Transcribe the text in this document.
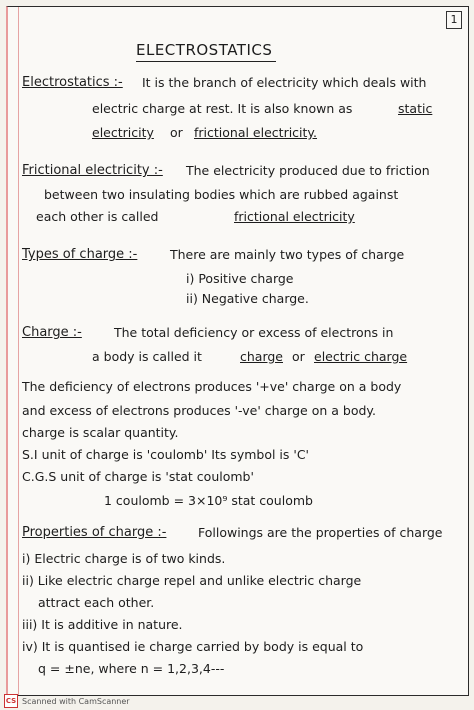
1
ELECTROSTATICS
Electrostatics :- It is the branch of electricity which deals with
electric charge at rest. It is also known as	static
electricity or frictional electricity.
Frictional electricity :- The electricity produced due to friction
between two insulating bodies which are rubbed against
each other is called	frictional electricity
Types of charge :-	There are mainly two types of charge
i) Positive charge
ii) Negative charge.
Charge :-	The total deficiency or excess of electrons in
a body is called it	charge or electric charge
The deficiency of electrons produces '+ve' charge on a body
and excess of electrons produces '-ve' charge on a body.
charge is scalar quantity.
S.I unit of charge is 'coulomb' Its symbol is 'C'
C.G.S unit of charge is 'stat coulomb'
1 coulomb = 3×10⁹ stat coulomb
Properties of charge :-	Followings are the properties of charge
i) Electric charge is of two kinds.
ii) Like electric charge repel and unlike electric charge
attract each other.
iii) It is additive in nature.
iv) It is quantised ie charge carried by body is equal to
q = ±ne, where n = 1,2,3,4---
CS Scanned with CamScanner
